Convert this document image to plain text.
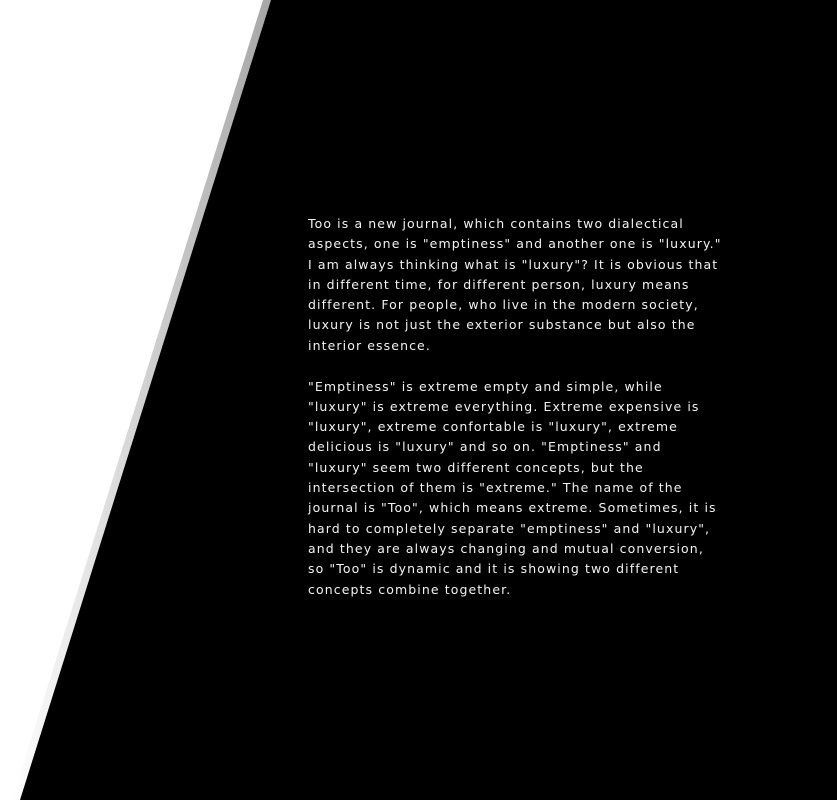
Too is a new journal, which contains two dialectical aspects, one is "emptiness" and another one is "luxury." I am always thinking what is "luxury"? It is obvious that in different time, for different person, luxury means different. For people, who live in the modern society, luxury is not just the exterior substance but also the interior essence.

"Emptiness" is extreme empty and simple, while "luxury" is extreme everything. Extreme expensive is "luxury", extreme confortable is "luxury", extreme delicious is "luxury" and so on. "Emptiness" and "luxury" seem two different concepts, but the intersection of them is "extreme." The name of the journal is "Too", which means extreme. Sometimes, it is hard to completely separate "emptiness" and "luxury", and they are always changing and mutual conversion, so "Too" is dynamic and it is showing two different concepts combine together.
